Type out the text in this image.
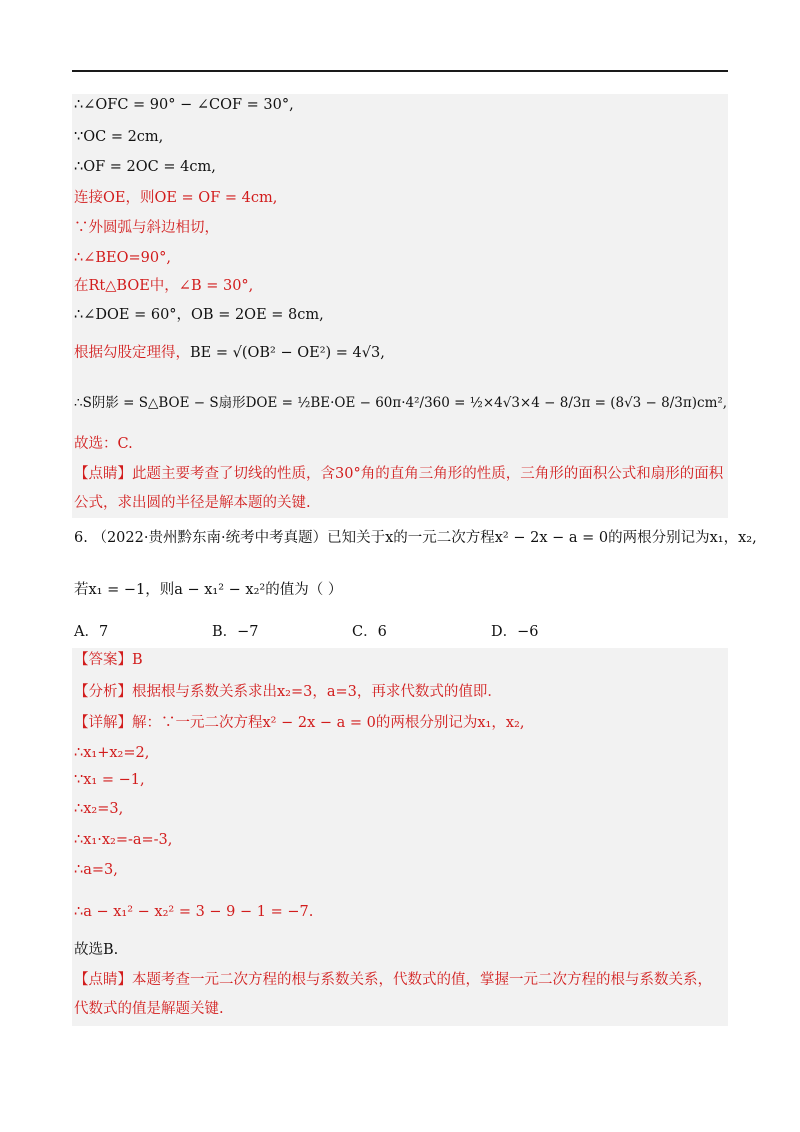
∴∠OFC = 90° − ∠COF = 30°,
∵OC = 2cm,
∴OF = 2OC = 4cm,
连接OE，则OE = OF = 4cm,
∵外圆弧与斜边相切，
∴∠BEO=90°,
在Rt△BOE中，∠B = 30°,
∴∠DOE = 60°，OB = 2OE = 8cm,
根据勾股定理得，BE = √(OB² − OE²) = 4√3,
∴S阴影 = S△BOE − S扇形DOE = ½BE·OE − 60π·4²/360 = ½×4√3×4 − 8/3π = (8√3 − 8/3π)cm²,
故选：C.
【点睛】此题主要考查了切线的性质，含30°角的直角三角形的性质，三角形的面积公式和扇形的面积公式，求出圆的半径是解本题的关键.
6. （2022·贵州黔东南·统考中考真题）已知关于x的一元二次方程x² − 2x − a = 0的两根分别记为x₁，x₂,
若x₁ = −1，则a − x₁² − x₂²的值为（ ）
A．7	B．−7	C．6	D．−6
【答案】B
【分析】根据根与系数关系求出x₂=3，a=3，再求代数式的值即．
【详解】解：∵一元二次方程x² − 2x − a = 0的两根分别记为x₁，x₂,
∴x₁+x₂=2,
∵x₁ = −1,
∴x₂=3,
∴x₁·x₂=-a=-3,
∴a=3,
∴a − x₁² − x₂² = 3 − 9 − 1 = −7.
故选B.
【点睛】本题考查一元二次方程的根与系数关系，代数式的值，掌握一元二次方程的根与系数关系，代数式的值是解题关键.
